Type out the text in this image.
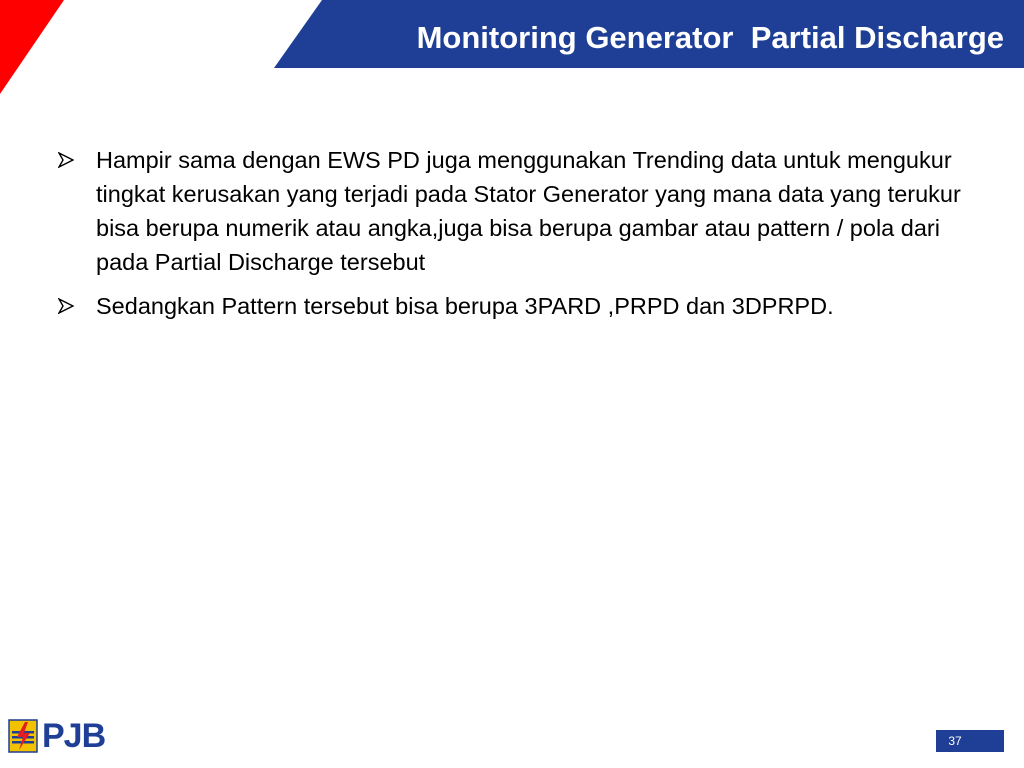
Monitoring Generator  Partial Discharge
Hampir sama dengan EWS PD juga menggunakan Trending data untuk mengukur tingkat kerusakan yang terjadi pada Stator Generator yang mana data yang terukur bisa berupa numerik atau angka,juga bisa berupa gambar atau pattern / pola dari pada Partial Discharge tersebut
Sedangkan Pattern tersebut bisa berupa 3PARD ,PRPD dan 3DPRPD.
PJB	37
